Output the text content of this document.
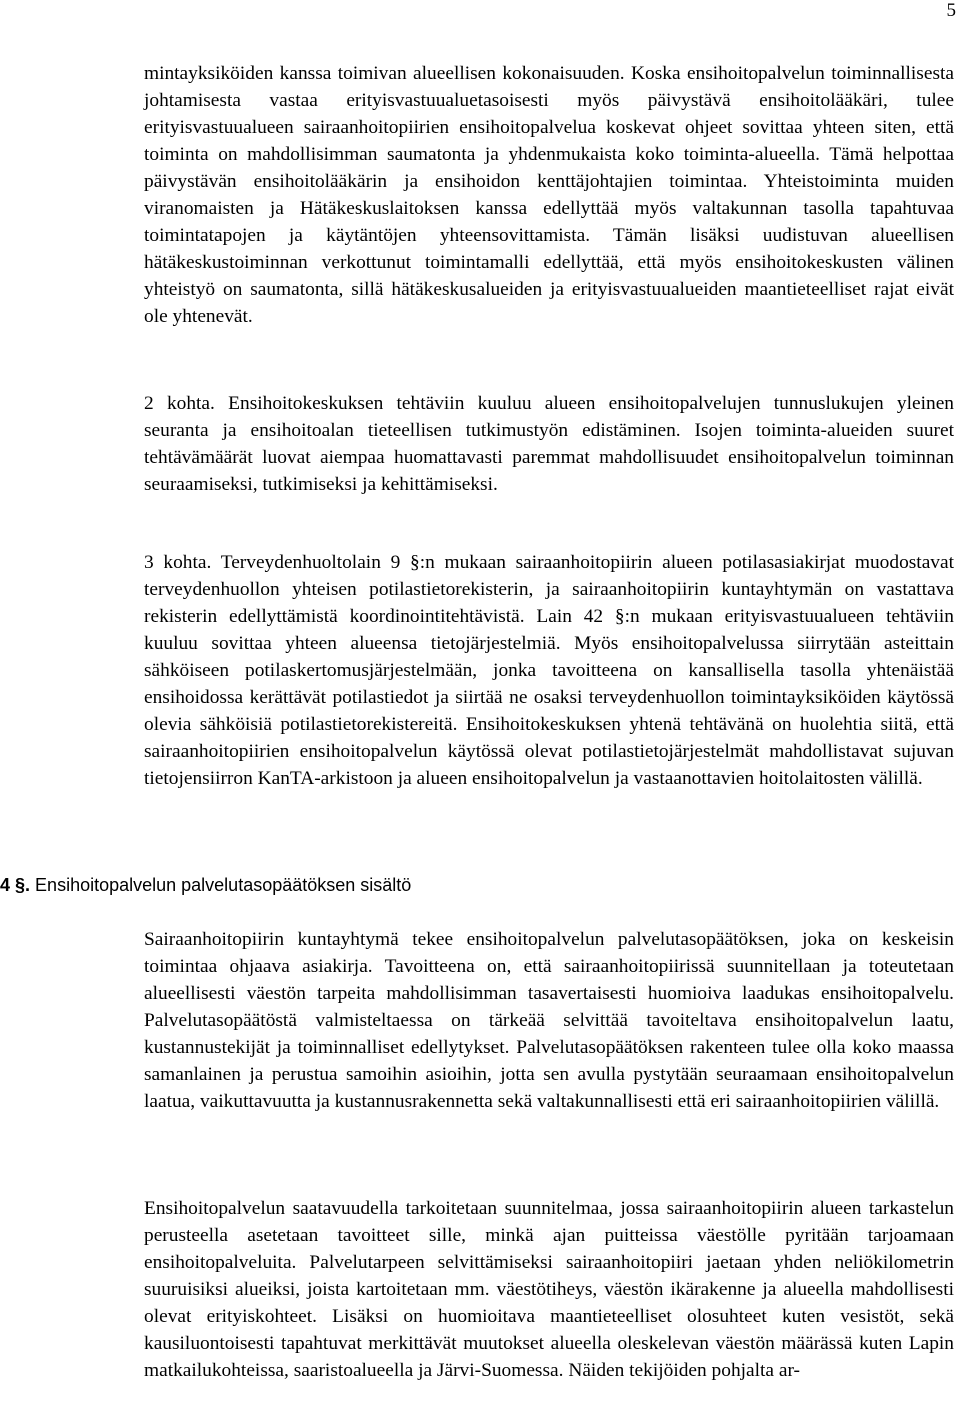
5

mintayksiköiden kanssa toimivan alueellisen kokonaisuuden. Koska ensihoitopalvelun toiminnallisesta johtamisesta vastaa erityisvastuualuetasoisesti myös päivystävä ensihoitolääkäri, tulee erityisvastuualueen sairaanhoitopiirien ensihoitopalvelua koskevat ohjeet sovittaa yhteen siten, että toiminta on mahdollisimman saumatonta ja yhdenmukaista koko toiminta-alueella. Tämä helpottaa päivystävän ensihoitolääkärin ja ensihoidon kenttäjohtajien toimintaa. Yhteistoiminta muiden viranomaisten ja Hätäkeskuslaitoksen kanssa edellyttää myös valtakunnan tasolla tapahtuvaa toimintatapojen ja käytäntöjen yhteensovittamista. Tämän lisäksi uudistuvan alueellisen hätäkeskustoiminnan verkottunut toimintamalli edellyttää, että myös ensihoitokeskusten välinen yhteistyö on saumatonta, sillä hätäkeskusalueiden ja erityisvastuualueiden maantieteelliset rajat eivät ole yhtenevät.

2 kohta. Ensihoitokeskuksen tehtäviin kuuluu alueen ensihoitopalvelujen tunnuslukujen yleinen seuranta ja ensihoitoalan tieteellisen tutkimustyön edistäminen. Isojen toiminta-alueiden suuret tehtävämäärät luovat aiempaa huomattavasti paremmat mahdollisuudet ensihoitopalvelun toiminnan seuraamiseksi, tutkimiseksi ja kehittämiseksi.

3 kohta. Terveydenhuoltolain 9 §:n mukaan sairaanhoitopiirin alueen potilasasiakirjat muodostavat terveydenhuollon yhteisen potilastietorekisterin, ja sairaanhoitopiirin kuntayhtymän on vastattava rekisterin edellyttämistä koordinointitehtävistä. Lain 42 §:n mukaan erityisvastuualueen tehtäviin kuuluu sovittaa yhteen alueensa tietojärjestelmiä. Myös ensihoitopalvelussa siirrytään asteittain sähköiseen potilaskertomusjärjestelmään, jonka tavoitteena on kansallisella tasolla yhtenäistää ensihoidossa kerättävät potilastiedot ja siirtää ne osaksi terveydenhuollon toimintayksiköiden käytössä olevia sähköisiä potilastietorekistereitä. Ensihoitokeskuksen yhtenä tehtävänä on huolehtia siitä, että sairaanhoitopiirien ensihoitopalvelun käytössä olevat potilastietojärjestelmät mahdollistavat sujuvan tietojensiirron KanTA-arkistoon ja alueen ensihoitopalvelun ja vastaanottavien hoitolaitosten välillä.

4 §. Ensihoitopalvelun palvelutasopäätöksen sisältö

Sairaanhoitopiirin kuntayhtymä tekee ensihoitopalvelun palvelutasopäätöksen, joka on keskeisin toimintaa ohjaava asiakirja. Tavoitteena on, että sairaanhoitopiirissä suunnitellaan ja toteutetaan alueellisesti väestön tarpeita mahdollisimman tasavertaisesti huomioiva laadukas ensihoitopalvelu. Palvelutasopäätöstä valmisteltaessa on tärkeää selvittää tavoiteltava ensihoitopalvelun laatu, kustannustekijät ja toiminnalliset edellytykset. Palvelutasopäätöksen rakenteen tulee olla koko maassa samanlainen ja perustua samoihin asioihin, jotta sen avulla pystytään seuraamaan ensihoitopalvelun laatua, vaikuttavuutta ja kustannusrakennetta sekä valtakunnallisesti että eri sairaanhoitopiirien välillä.

Ensihoitopalvelun saatavuudella tarkoitetaan suunnitelmaa, jossa sairaanhoitopiirin alueen tarkastelun perusteella asetetaan tavoitteet sille, minkä ajan puitteissa väestölle pyritään tarjoamaan ensihoitopalveluita. Palvelutarpeen selvittämiseksi sairaanhoitopiiri jaetaan yhden neliökilometrin suuruisiksi alueiksi, joista kartoitetaan mm. väestötiheys, väestön ikärakenne ja alueella mahdollisesti olevat erityiskohteet. Lisäksi on huomioitava maantieteelliset olosuhteet kuten vesistöt, sekä kausiluontoisesti tapahtuvat merkittävät muutokset alueella oleskelevan väestön määrässä kuten Lapin matkailukohteissa, saaristoalueella ja Järvi-Suomessa. Näiden tekijöiden pohjalta ar-
